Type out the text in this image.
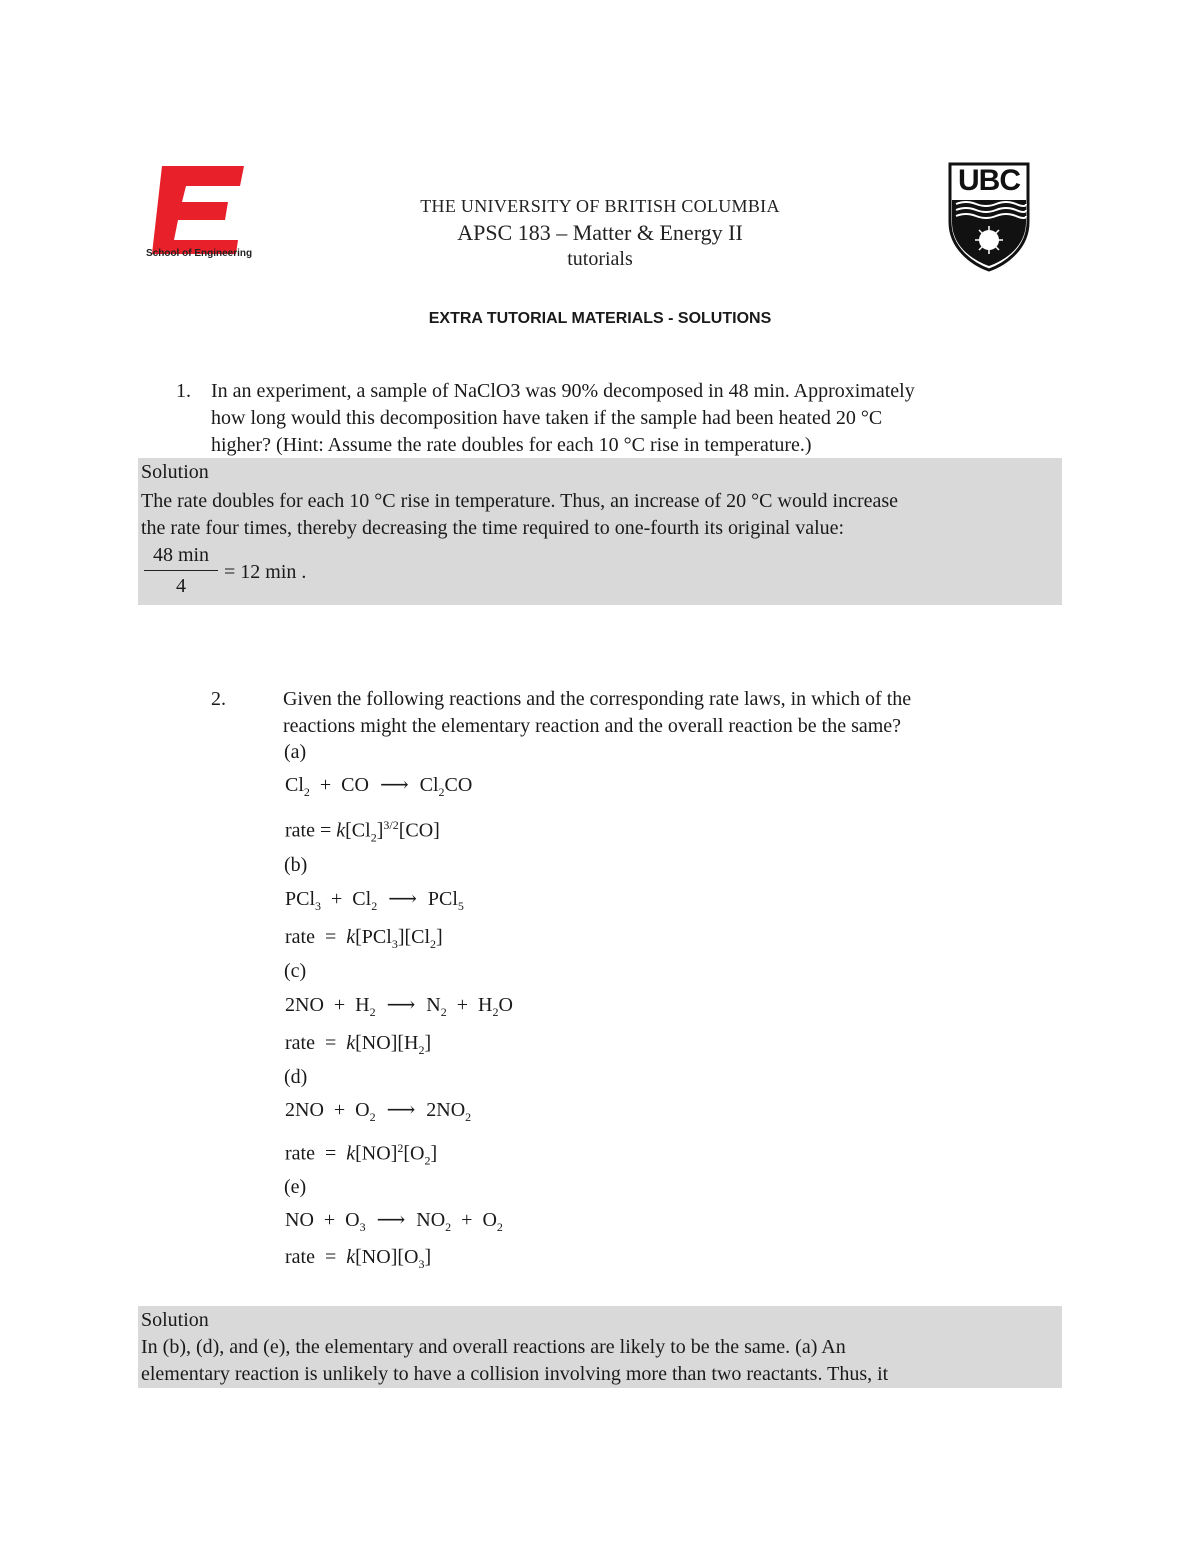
School of Engineering
UBC
THE UNIVERSITY OF BRITISH COLUMBIA
APSC 183 – Matter & Energy II
tutorials
EXTRA TUTORIAL MATERIALS - SOLUTIONS
1. In an experiment, a sample of NaClO3 was 90% decomposed in 48 min. Approximately
how long would this decomposition have taken if the sample had been heated 20 °C
higher? (Hint: Assume the rate doubles for each 10 °C rise in temperature.)
Solution
The rate doubles for each 10 °C rise in temperature. Thus, an increase of 20 °C would increase
the rate four times, thereby decreasing the time required to one-fourth its original value:
48 min
4
= 12 min .
2.	Given the following reactions and the corresponding rate laws, in which of the
reactions might the elementary reaction and the overall reaction be the same?
(a)
$Cl_2$  +  CO ⟶ $Cl_2CO$
rate = $k[Cl_2]^{3/2}[CO]$
(b)
$PCl_3 + Cl_2$ ⟶ PCl$_5$
rate  =  $k[PCl_3][Cl_2]$
(c)
$2NO + H_2$ ⟶ $N_2 + H_2O$
rate  =  $k[NO][H_2]$
(d)
$2NO + O_2$ ⟶ $2NO_2$
rate  =  $k[NO]^2[O_2]$
(e)
NO  +  $O_3$ ⟶ $NO_2 + O_2$
rate  =  $k[NO][O_3]$
Solution
In (b), (d), and (e), the elementary and overall reactions are likely to be the same. (a) An
elementary reaction is unlikely to have a collision involving more than two reactants. Thus, it
